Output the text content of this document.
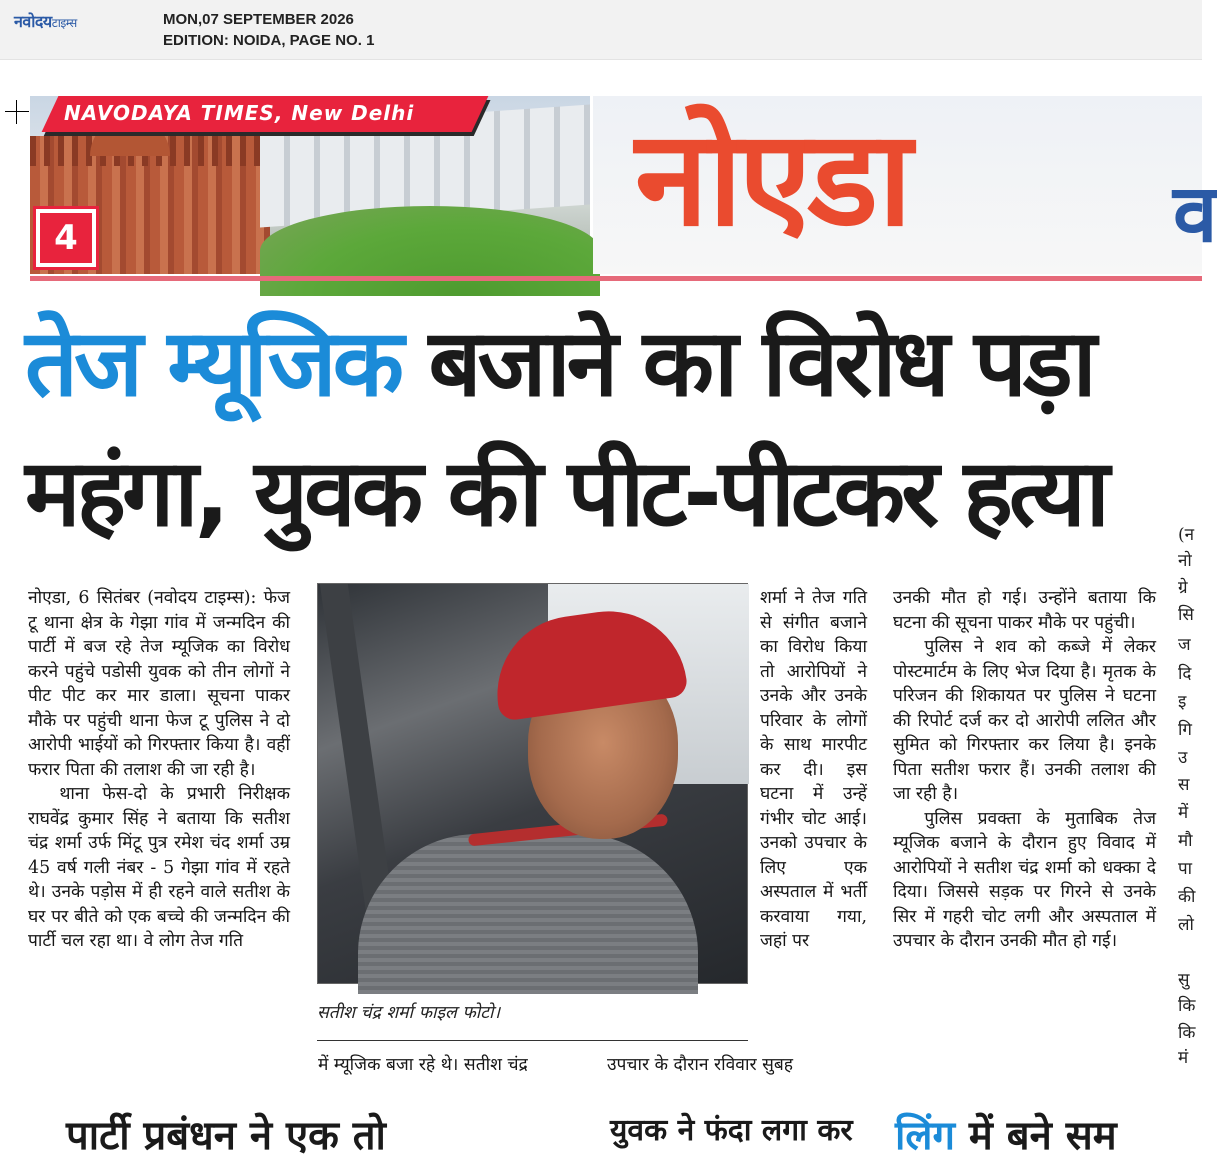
नवोदयटाइम्स	MON,07 SEPTEMBER 2026
EDITION: NOIDA, PAGE NO. 1
NAVODAYA TIMES, New Delhi
4	नोएडा	व
तेज म्यूजिक बजाने का विरोध पड़ा
महंगा, युवक की पीट-पीटकर हत्या

नोएडा, 6 सितंबर (नवोदय टाइम्स): फेज टू थाना क्षेत्र के गेझा गांव में जन्मदिन की पार्टी में बज रहे तेज म्यूजिक का विरोध करने पहुंचे पडोसी युवक को तीन लोगों ने पीट पीट कर मार डाला। सूचना पाकर मौके पर पहुंची थाना फेज टू पुलिस ने दो आरोपी भाईयों को गिरफ्तार किया है। वहीं फरार पिता की तलाश की जा रही है।

थाना फेस-दो के प्रभारी निरीक्षक राघवेंद्र कुमार सिंह ने बताया कि सतीश चंद्र शर्मा उर्फ मिंटू पुत्र रमेश चंद शर्मा उम्र 45 वर्ष गली नंबर - 5 गेझा गांव में रहते थे। उनके पड़ोस में ही रहने वाले सतीश के घर पर बीते को एक बच्चे की जन्मदिन की पार्टी चल रहा था। वे लोग तेज गति

सतीश चंद्र शर्मा फाइल फोटो।
में म्यूजिक बजा रहे थे। सतीश चंद्र	उपचार के दौरान रविवार सुबह

शर्मा ने तेज गति से संगीत बजाने का विरोध किया तो आरोपियों ने उनके और उनके परिवार के लोगों के साथ मारपीट कर दी। इस घटना में उन्हें गंभीर चोट आई। उनको उपचार के लिए एक अस्पताल में भर्ती करवाया गया, जहां पर

उनकी मौत हो गई। उन्होंने बताया कि घटना की सूचना पाकर मौके पर पहुंची।

पुलिस ने शव को कब्जे में लेकर पोस्टमार्टम के लिए भेज दिया है। मृतक के परिजन की शिकायत पर पुलिस ने घटना की रिपोर्ट दर्ज कर दो आरोपी ललित और सुमित को गिरफ्तार कर लिया है। इनके पिता सतीश फरार हैं। उनकी तलाश की जा रही है।

पुलिस प्रवक्ता के मुताबिक तेज म्यूजिक बजाने के दौरान हुए विवाद में आरोपियों ने सतीश चंद्र शर्मा को धक्का दे दिया। जिससे सड़क पर गिरने से उनके सिर में गहरी चोट लगी और अस्पताल में उपचार के दौरान उनकी मौत हो गई।

(न
नो
ग्रे
सि
ज
दि
इ
गि
उ
स
में
मौ
पा
की
लो
सु
कि
कि
मं
पार्टी प्रबंधन ने एक तो	युवक ने फंदा लगा कर लिंग में बने सम
